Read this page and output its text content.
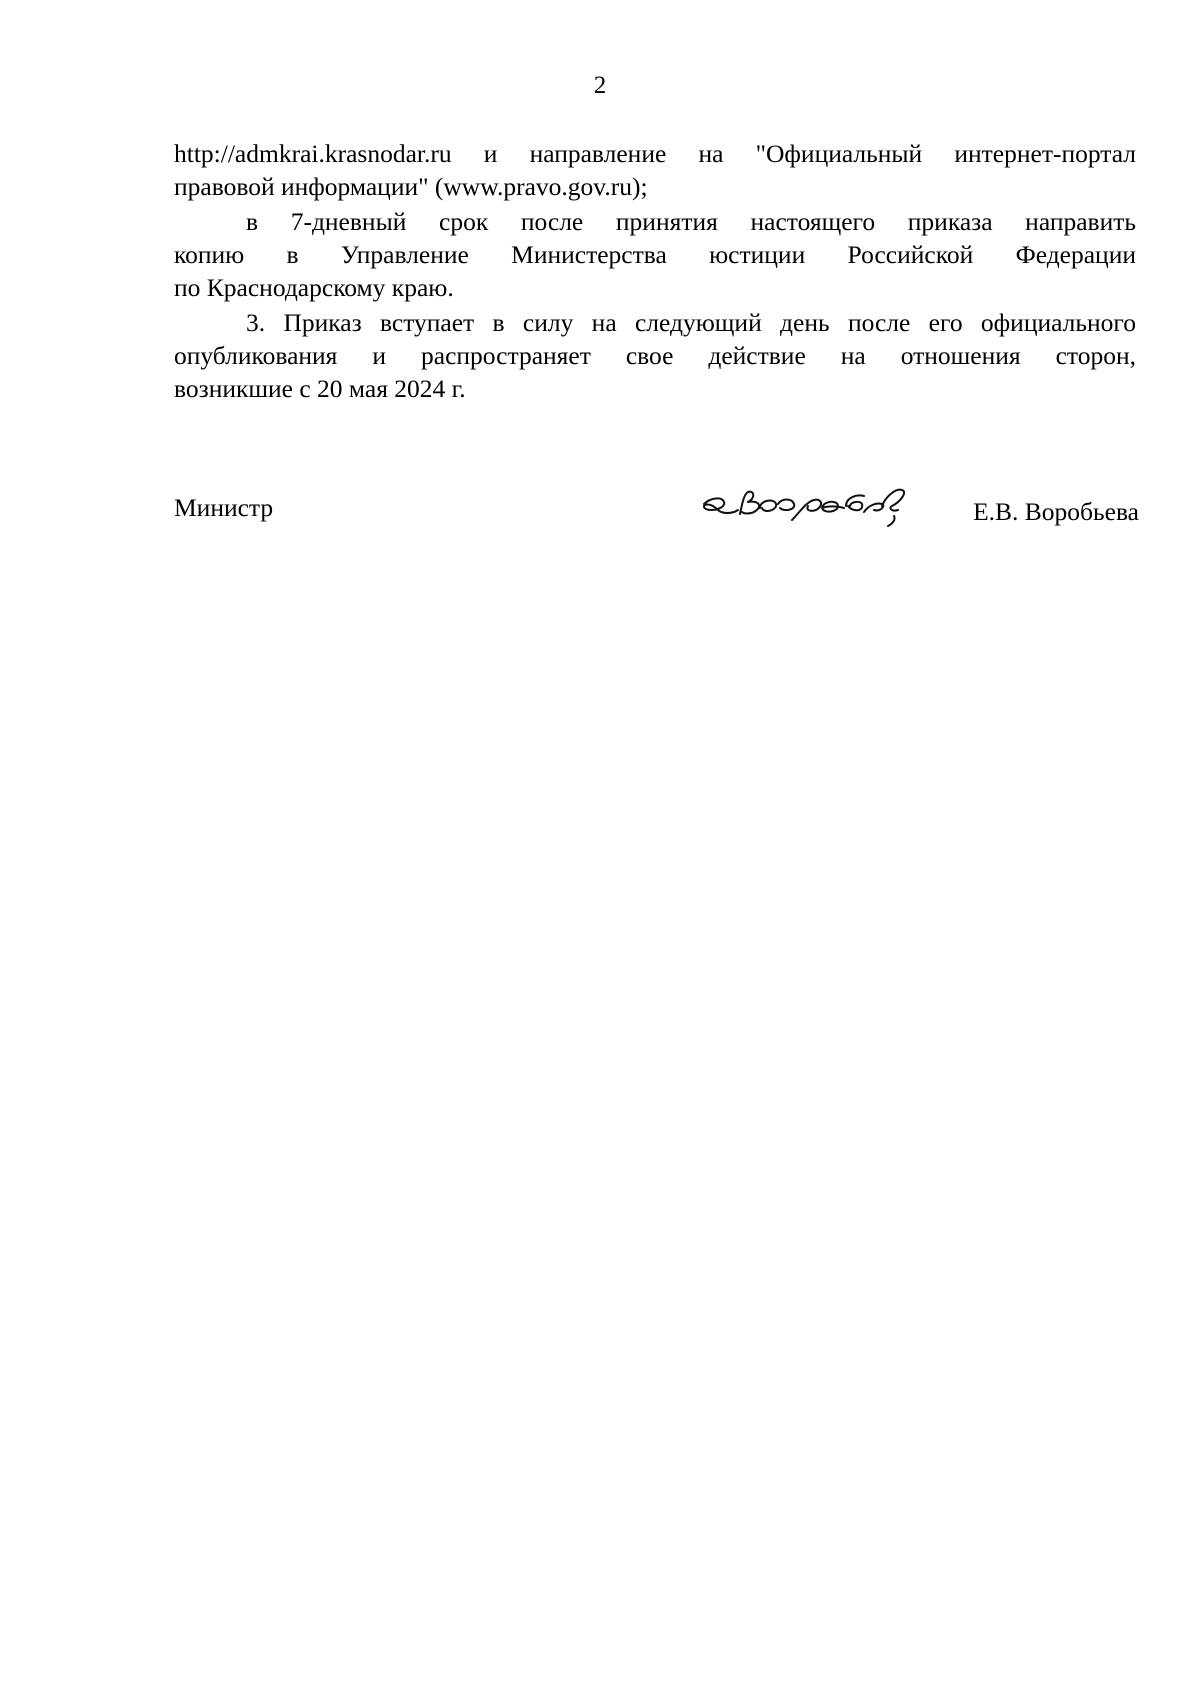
2

http://admkrai.krasnodar.ru и направление на "Официальный интернет-портал
правовой информации" (www.pravo.gov.ru);

в 7-дневный срок после принятия настоящего приказа направить
копию в Управление Министерства юстиции Российской Федерации
по Краснодарскому краю.

3. Приказ вступает в силу на следующий день после его официального
опубликования и распространяет свое действие на отношения сторон,
возникшие с 20 мая 2024 г.

Министр	Е.В. Воробьева
